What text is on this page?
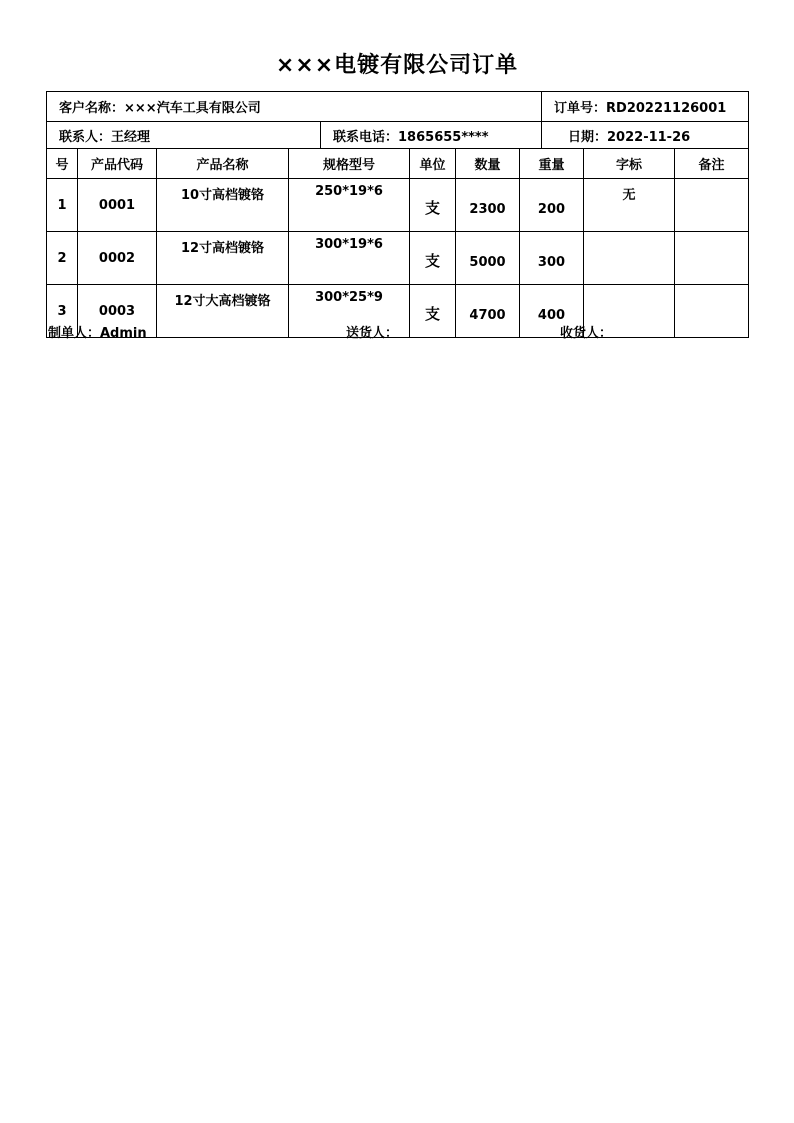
×××电镀有限公司订单
客户名称：×××汽车工具有限公司	订单号：RD20221126001
联系人：王经理	联系电话：1865655****	日期：2022-11-26
号	产品代码	产品名称	规格型号	单位	数量	重量	字标	备注
1	0001	10寸高档镀铬	250*19*6	支	2300	200	无	
2	0002	12寸高档镀铬	300*19*6	支	5000	300		
3	0003	12寸大高档镀铬	300*25*9	支	4700	400		
制单人：Admin	送货人：	收货人：
